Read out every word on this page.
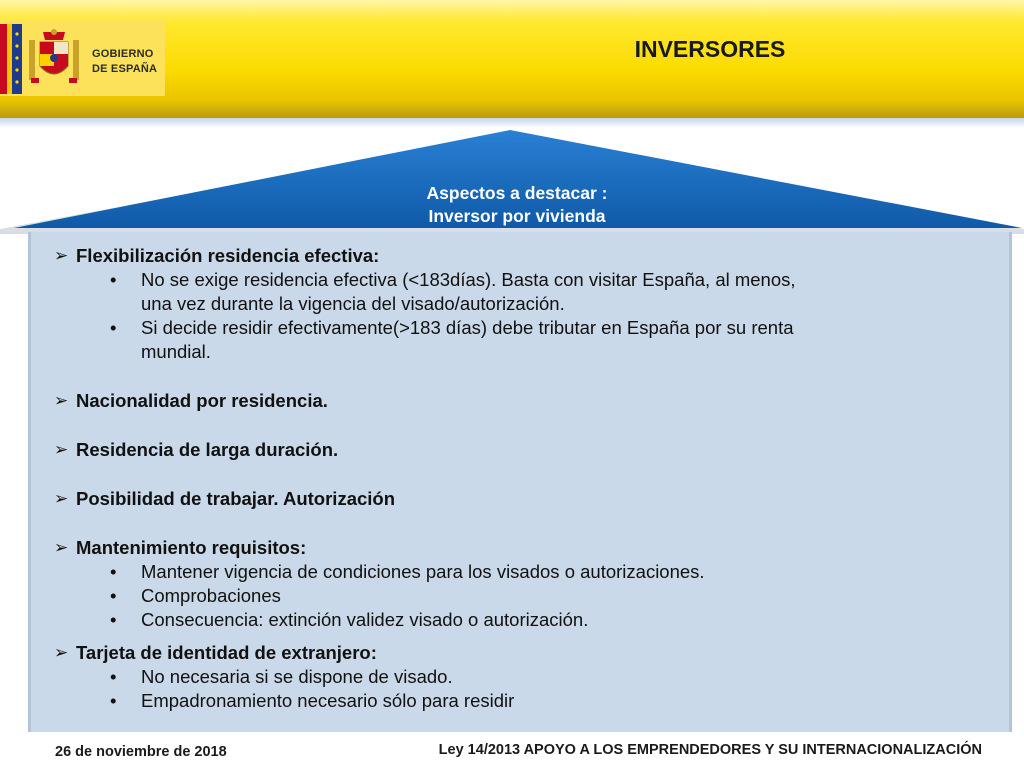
GOBIERNO
DE ESPAÑA
INVERSORES
Aspectos a destacar :
Inversor por vivienda
➢ Flexibilización residencia efectiva:
• No se exige residencia efectiva (<183días). Basta con visitar España, al menos,
una vez durante la vigencia del visado/autorización.
• Si decide residir efectivamente(>183 días) debe tributar en España por su renta
mundial.
➢ Nacionalidad por residencia.
➢ Residencia de larga duración.
➢ Posibilidad de trabajar. Autorización
➢ Mantenimiento requisitos:
• Mantener vigencia de condiciones para los visados o autorizaciones.
• Comprobaciones
• Consecuencia: extinción validez visado o autorización.
➢ Tarjeta de identidad de extranjero:
• No necesaria si se dispone de visado.
• Empadronamiento necesario sólo para residir
26 de noviembre de 2018	Ley 14/2013 APOYO A LOS EMPRENDEDORES Y SU INTERNACIONALIZACIÓN
